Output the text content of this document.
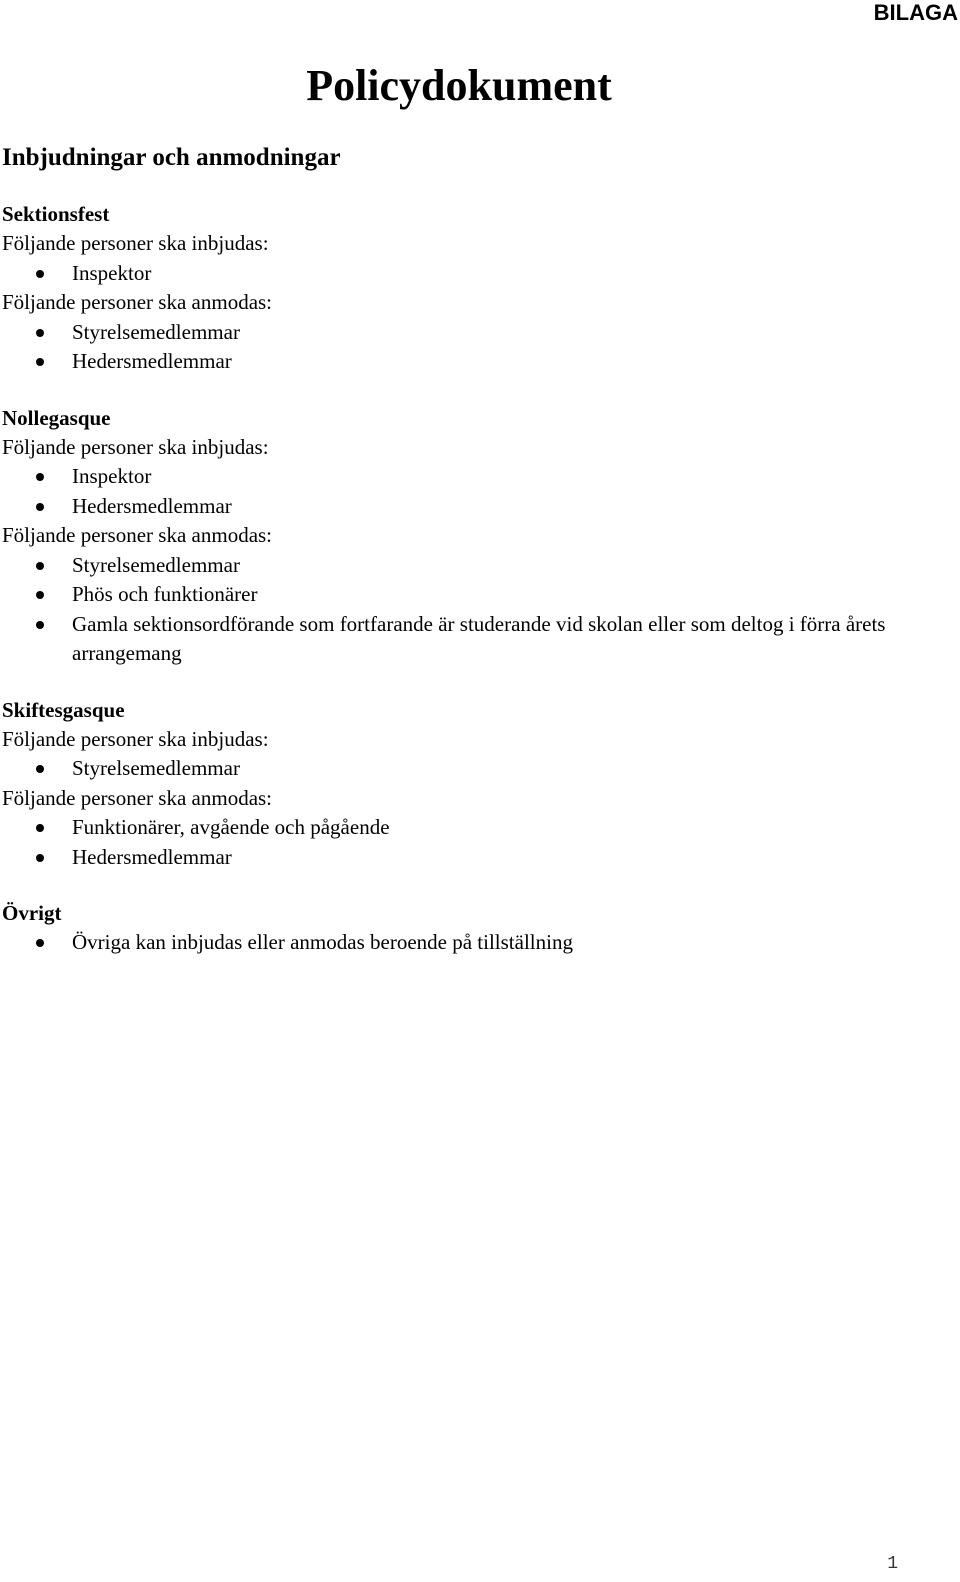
BILAGA
Policydokument
Inbjudningar och anmodningar
Sektionsfest
Följande personer ska inbjudas:
Inspektor
Följande personer ska anmodas:
Styrelsemedlemmar
Hedersmedlemmar
Nollegasque
Följande personer ska inbjudas:
Inspektor
Hedersmedlemmar
Följande personer ska anmodas:
Styrelsemedlemmar
Phös och funktionärer
Gamla sektionsordförande som fortfarande är studerande vid skolan eller som deltog i förra årets arrangemang
Skiftesgasque
Följande personer ska inbjudas:
Styrelsemedlemmar
Följande personer ska anmodas:
Funktionärer, avgående och pågående
Hedersmedlemmar
Övrigt
Övriga kan inbjudas eller anmodas beroende på tillställning
1
